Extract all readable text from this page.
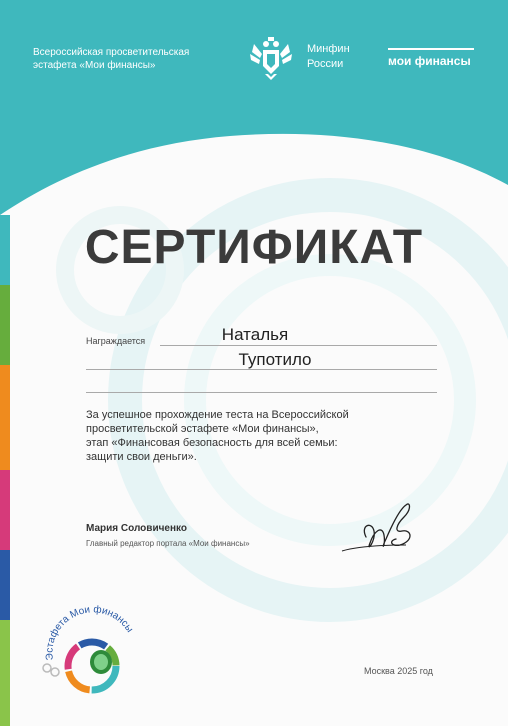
Всероссийская просветительская
эстафета «Мои финансы»
Минфин
России	мои финансы
СЕРТИФИКАТ
Награждается	Наталья
Тупотило
За успешное прохождение теста на Всероссийской
просветительской эстафете «Мои финансы»,
этап «Финансовая безопасность для всей семьи:
защити свои деньги».
Мария Соловиченко
Главный редактор портала «Мои финансы»
Эстафета Мои финансы
Москва 2025 год
